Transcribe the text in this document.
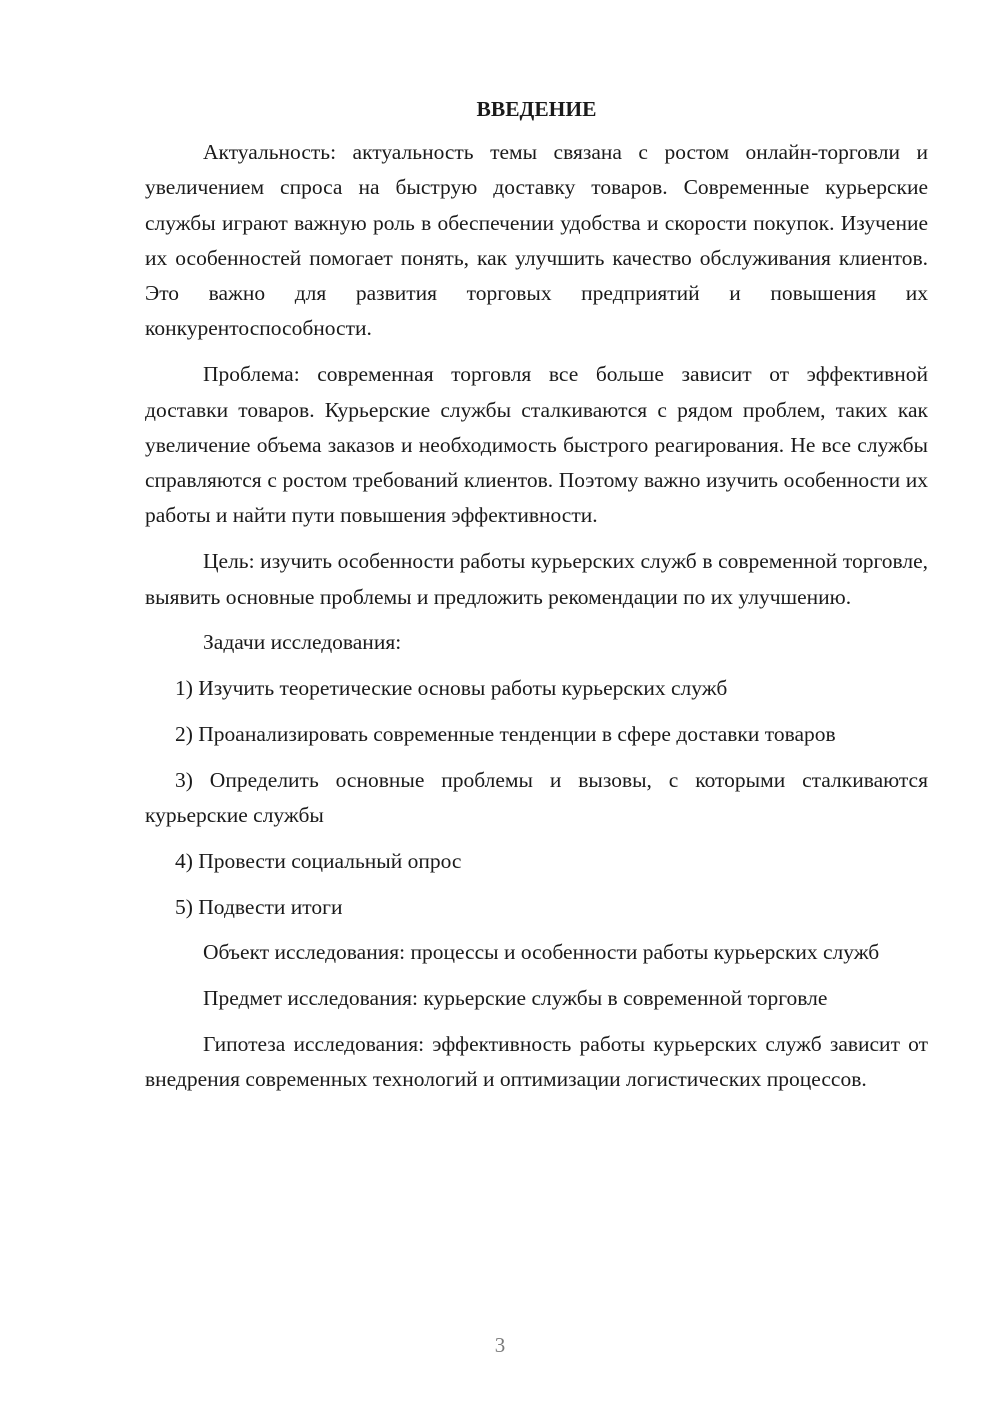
ВВЕДЕНИЕ

Актуальность: актуальность темы связана с ростом онлайн-торговли и увеличением спроса на быструю доставку товаров. Современные курьерские службы играют важную роль в обеспечении удобства и скорости покупок. Изучение их особенностей помогает понять, как улучшить качество обслуживания клиентов. Это важно для развития торговых предприятий и повышения их конкурентоспособности.

Проблема: современная торговля все больше зависит от эффективной доставки товаров. Курьерские службы сталкиваются с рядом проблем, таких как увеличение объема заказов и необходимость быстрого реагирования. Не все службы справляются с ростом требований клиентов. Поэтому важно изучить особенности их работы и найти пути повышения эффективности.

Цель: изучить особенности работы курьерских служб в современной торговле, выявить основные проблемы и предложить рекомендации по их улучшению.

Задачи исследования:

1) Изучить теоретические основы работы курьерских служб

2) Проанализировать современные тенденции в сфере доставки товаров

3) Определить основные проблемы и вызовы, с которыми сталкиваются курьерские службы

4) Провести социальный опрос

5) Подвести итоги

Объект исследования: процессы и особенности работы курьерских служб

Предмет исследования: курьерские службы в современной торговле

Гипотеза исследования: эффективность работы курьерских служб зависит от внедрения современных технологий и оптимизации логистических процессов.

3
